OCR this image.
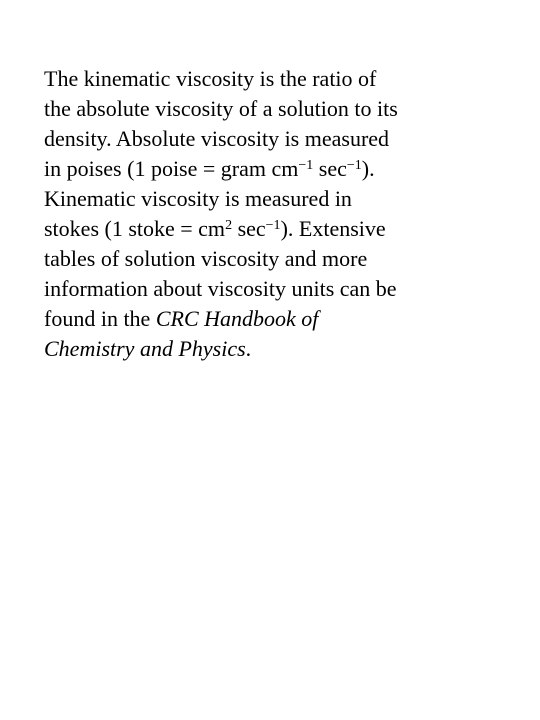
The kinematic viscosity is the ratio of
the absolute viscosity of a solution to its
density. Absolute viscosity is measured
in poises (1 poise = gram $cm^{-1}$ $\sec^{-1}$).
Kinematic viscosity is measured in
stokes (1 stoke = $cm^2$ $\sec^{-1}$). Extensive
tables of solution viscosity and more
information about viscosity units can be
found in the CRC Handbook of
Chemistry and Physics.
